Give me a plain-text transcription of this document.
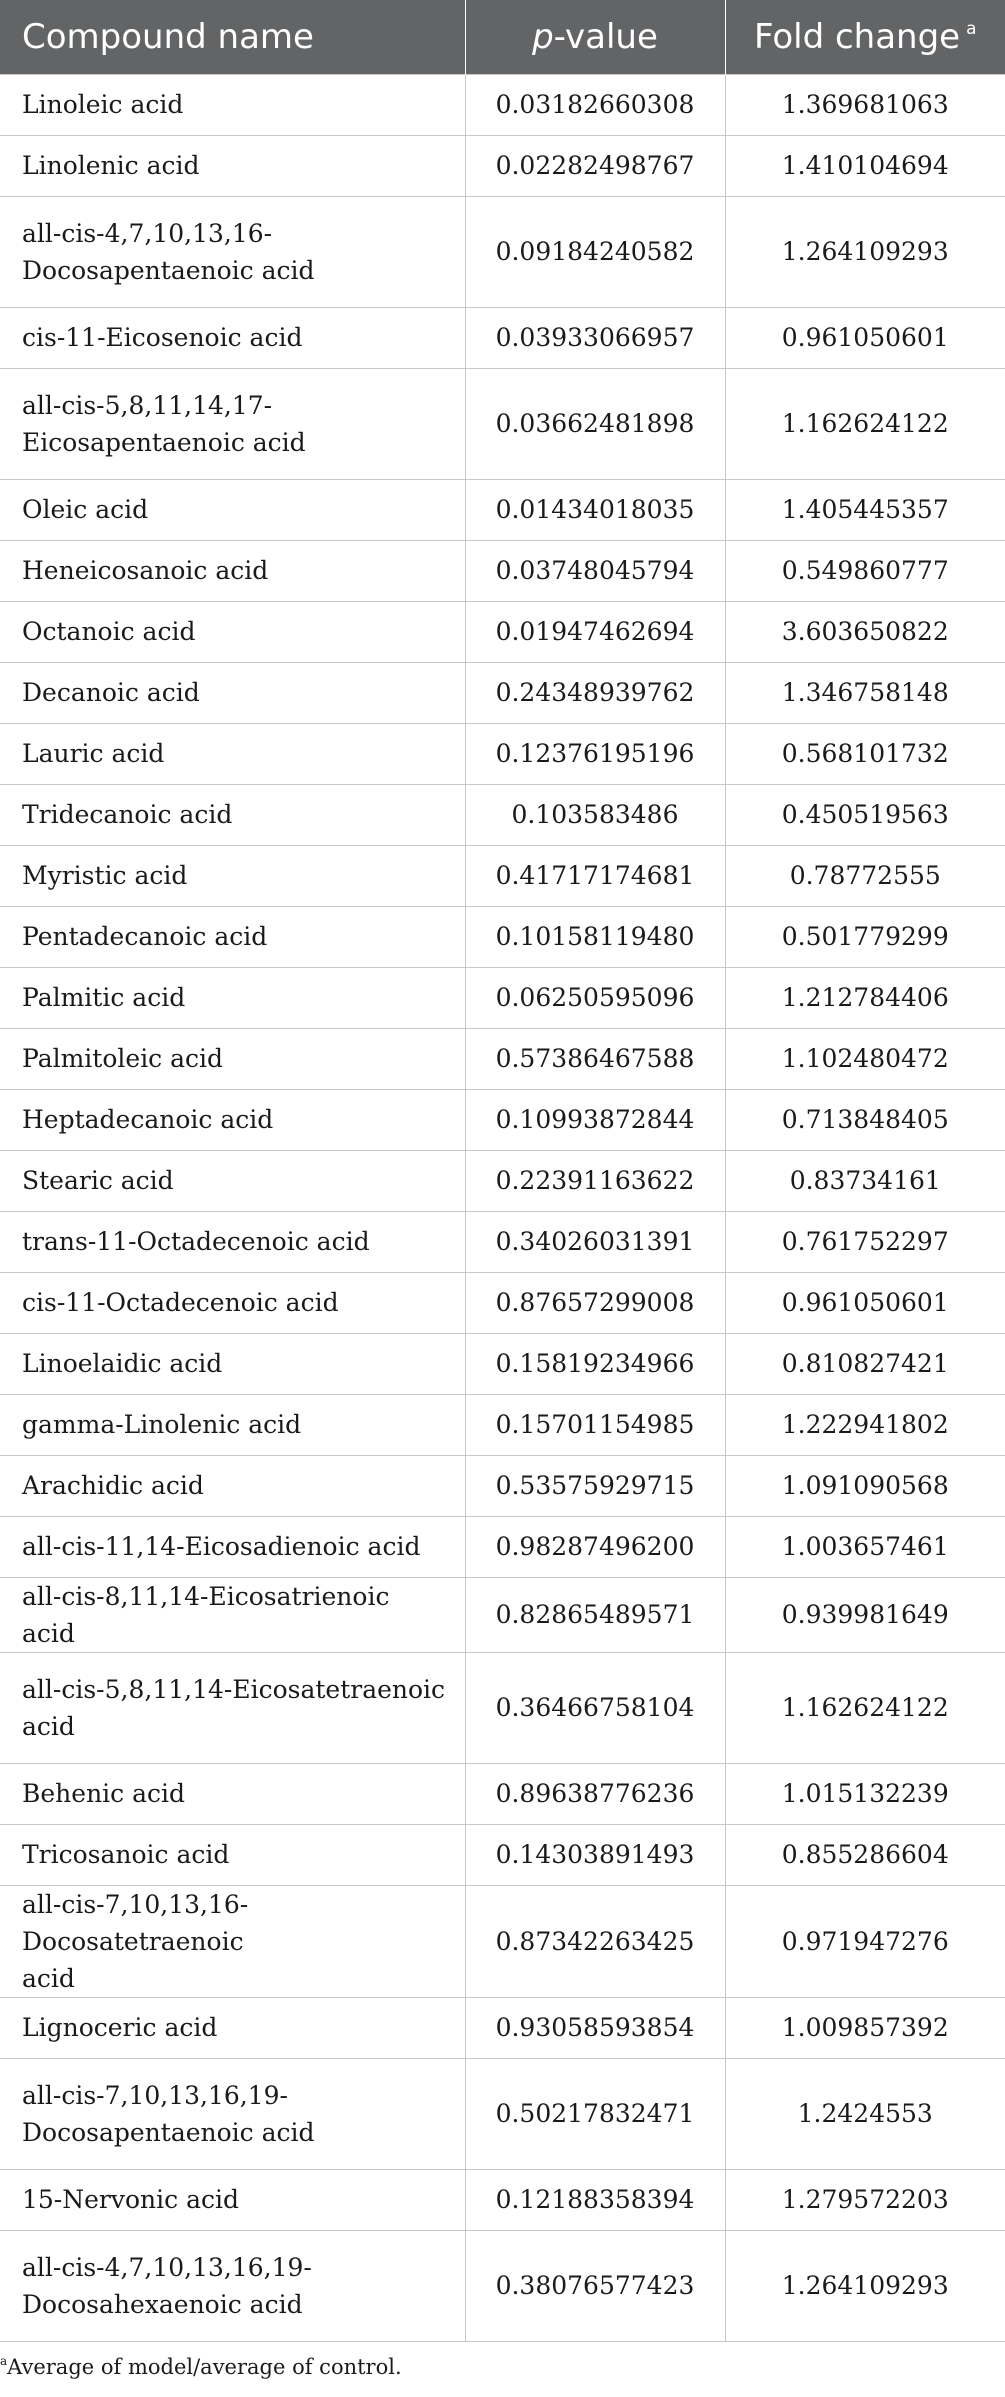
Compound name	p-value	Fold change $^a$
Linoleic acid	0.03182660308	1.369681063
Linolenic acid	0.02282498767	1.410104694
all-cis-4,7,10,13,16-
Docosapentaenoic acid	0.09184240582	1.264109293
cis-11-Eicosenoic acid	0.03933066957	0.961050601
all-cis-5,8,11,14,17-
Eicosapentaenoic acid	0.03662481898	1.162624122
Oleic acid	0.01434018035	1.405445357
Heneicosanoic acid	0.03748045794	0.549860777
Octanoic acid	0.01947462694	3.603650822
Decanoic acid	0.24348939762	1.346758148
Lauric acid	0.12376195196	0.568101732
Tridecanoic acid	0.103583486	0.450519563
Myristic acid	0.41717174681	0.78772555
Pentadecanoic acid	0.10158119480	0.501779299
Palmitic acid	0.06250595096	1.212784406
Palmitoleic acid	0.57386467588	1.102480472
Heptadecanoic acid	0.10993872844	0.713848405
Stearic acid	0.22391163622	0.83734161
trans-11-Octadecenoic acid	0.34026031391	0.761752297
cis-11-Octadecenoic acid	0.87657299008	0.961050601
Linoelaidic acid	0.15819234966	0.810827421
gamma-Linolenic acid	0.15701154985	1.222941802
Arachidic acid	0.53575929715	1.091090568
all-cis-11,14-Eicosadienoic acid	0.98287496200	1.003657461
all-cis-8,11,14-Eicosatrienoic acid	0.82865489571	0.939981649
all-cis-5,8,11,14-Eicosatetraenoic
acid	0.36466758104	1.162624122
Behenic acid	0.89638776236	1.015132239
Tricosanoic acid	0.14303891493	0.855286604
all-cis-7,10,13,16-Docosatetraenoic
acid	0.87342263425	0.971947276
Lignoceric acid	0.93058593854	1.009857392
all-cis-7,10,13,16,19-
Docosapentaenoic acid	0.50217832471	1.2424553
15-Nervonic acid	0.12188358394	1.279572203
all-cis-4,7,10,13,16,19-
Docosahexaenoic acid	0.38076577423	1.264109293
$^a$Average of model/average of control.
